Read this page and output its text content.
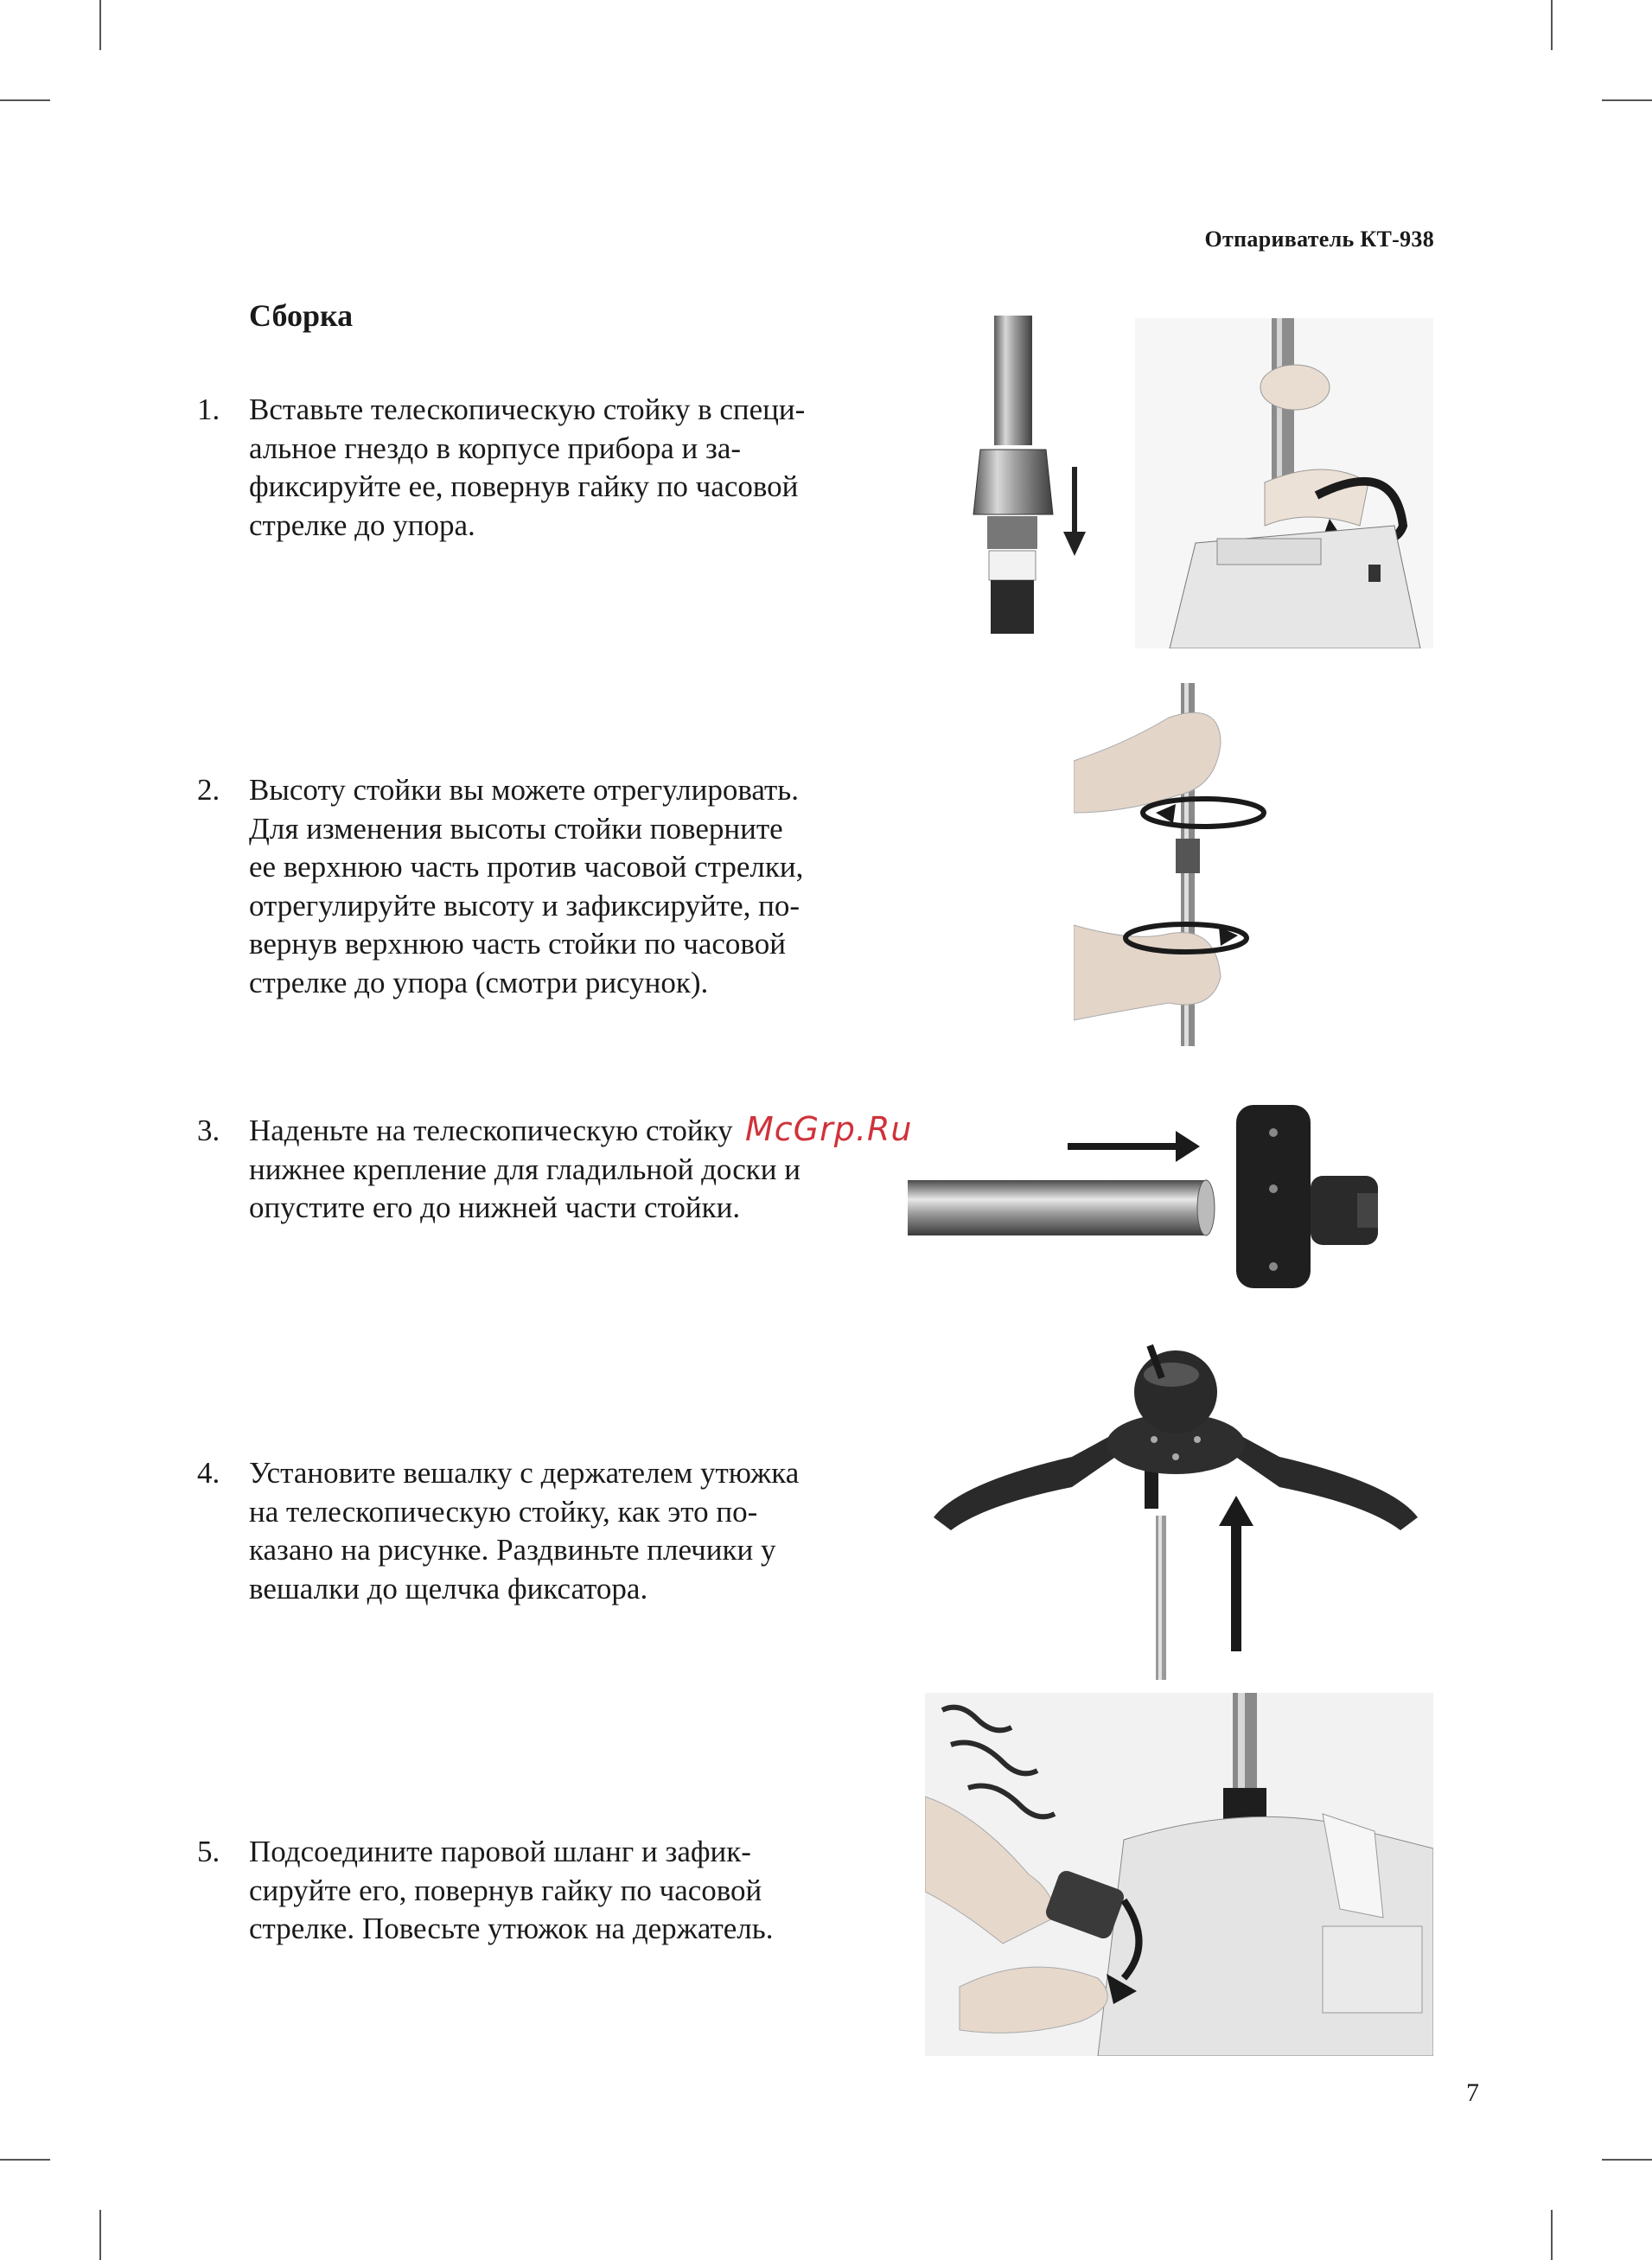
Отпариватель КТ-938
Сборка
1. Вставьте телескопическую стойку в специ-
альное гнездо в корпусе прибора и за-
фиксируйте ее, повернув гайку по часовой
стрелке до упора.
2. Высоту стойки вы можете отрегулировать.
Для изменения высоты стойки поверните
ее верхнюю часть против часовой стрелки,
отрегулируйте высоту и зафиксируйте, по-
вернув верхнюю часть стойки по часовой
стрелке до упора (смотри рисунок).
3. Наденьте на телескопическую стойку
нижнее крепление для гладильной доски и
опустите его до нижней части стойки.
4. Установите вешалку с держателем утюжка
на телескопическую стойку, как это по-
казано на рисунке. Раздвиньте плечики у
вешалки до щелчка фиксатора.
5. Подсоедините паровой шланг и зафик-
сируйте его, повернув гайку по часовой
стрелке. Повесьте утюжок на держатель.
McGrp.Ru
7
